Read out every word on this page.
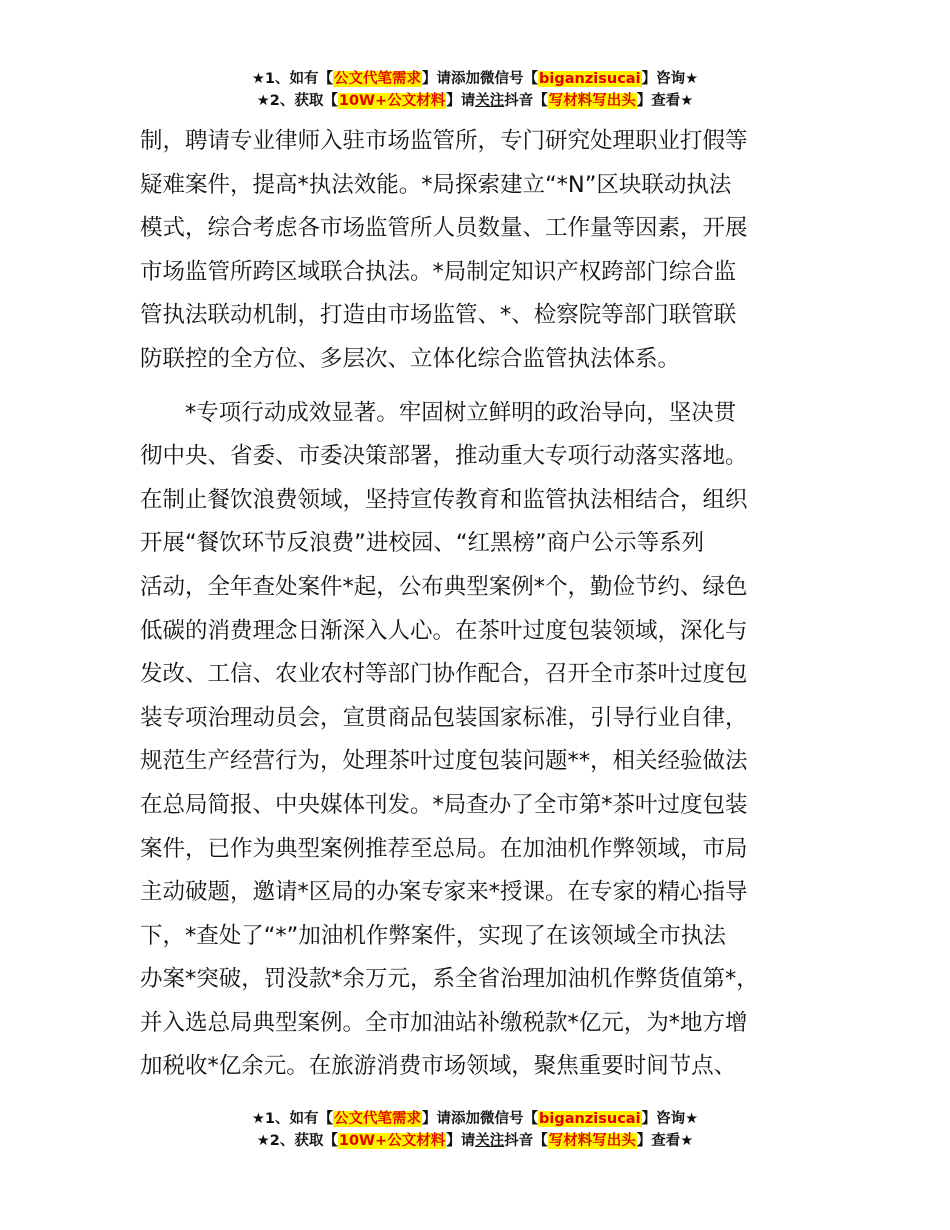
★1、如有【公文代笔需求】请添加微信号【biganzisucai】咨询★
★2、获取【10W+公文材料】请关注抖音【写材料写出头】查看★
制，聘请专业律师入驻市场监管所，专门研究处理职业打假等
疑难案件，提高*执法效能。*局探索建立“*N”区块联动执法
模式，综合考虑各市场监管所人员数量、工作量等因素，开展
市场监管所跨区域联合执法。*局制定知识产权跨部门综合监
管执法联动机制，打造由市场监管、*、检察院等部门联管联
防联控的全方位、多层次、立体化综合监管执法体系。
　　*专项行动成效显著。牢固树立鲜明的政治导向，坚决贯
彻中央、省委、市委决策部署，推动重大专项行动落实落地。
在制止餐饮浪费领域，坚持宣传教育和监管执法相结合，组织
开展“餐饮环节反浪费”进校园、“红黑榜”商户公示等系列
活动，全年查处案件*起，公布典型案例*个，勤俭节约、绿色
低碳的消费理念日渐深入人心。在茶叶过度包装领域，深化与
发改、工信、农业农村等部门协作配合，召开全市茶叶过度包
装专项治理动员会，宣贯商品包装国家标准，引导行业自律，
规范生产经营行为，处理茶叶过度包装问题**，相关经验做法
在总局简报、中央媒体刊发。*局查办了全市第*茶叶过度包装
案件，已作为典型案例推荐至总局。在加油机作弊领域，市局
主动破题，邀请*区局的办案专家来*授课。在专家的精心指导
下，*查处了“*”加油机作弊案件，实现了在该领域全市执法
办案*突破，罚没款*余万元，系全省治理加油机作弊货值第*，
并入选总局典型案例。全市加油站补缴税款*亿元，为*地方增
加税收*亿余元。在旅游消费市场领域，聚焦重要时间节点、
★1、如有【公文代笔需求】请添加微信号【biganzisucai】咨询★
★2、获取【10W+公文材料】请关注抖音【写材料写出头】查看★
